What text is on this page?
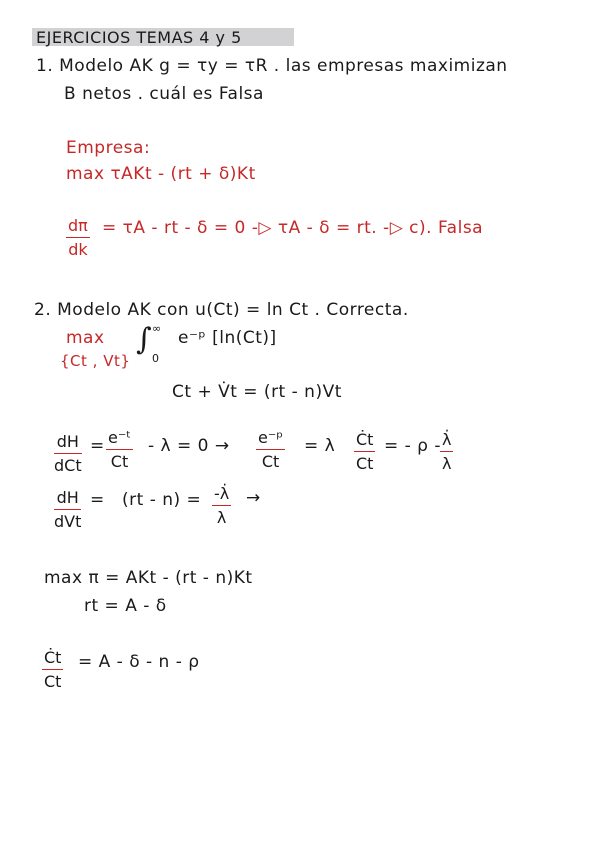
EJERCICIOS TEMAS 4 y 5
1. Modelo AK g = τy = τR . las empresas maximizan
B netos . cuál es Falsa
Empresa:
max τAKt - (rt + δ)Kt
$\frac{d\pi}{dk} = \tau A$ - rt - δ = 0 -▷ τA - δ = rt. -▷ c). Falsa
2. Modelo AK con u(Ct) = ln Ct . Correcta.
max
{Ct , Vt}
∫ ∞
0
e⁻ᵖ [ln(Ct)]
Ct + V̇t = (rt - n)Vt
dH
dCt
= $\frac{\text{e⁻ᵗ}}{Ct} - \lambda = 0 \to \frac{\text{e⁻ᵖ}}{Ct} = \lambda \frac{Ċt}{Ct}$ = - ρ -
$\frac{\lambdȧ}{\lambda}$
dH
dVt
= $(rt - n) = \frac{-\lambdȧ}{\lambda}$ →
max π = AKt - (rt - n)Kt
rt = A - δ
$\frac{Ċt}{Ct} = A - \delta - n - \rho$
